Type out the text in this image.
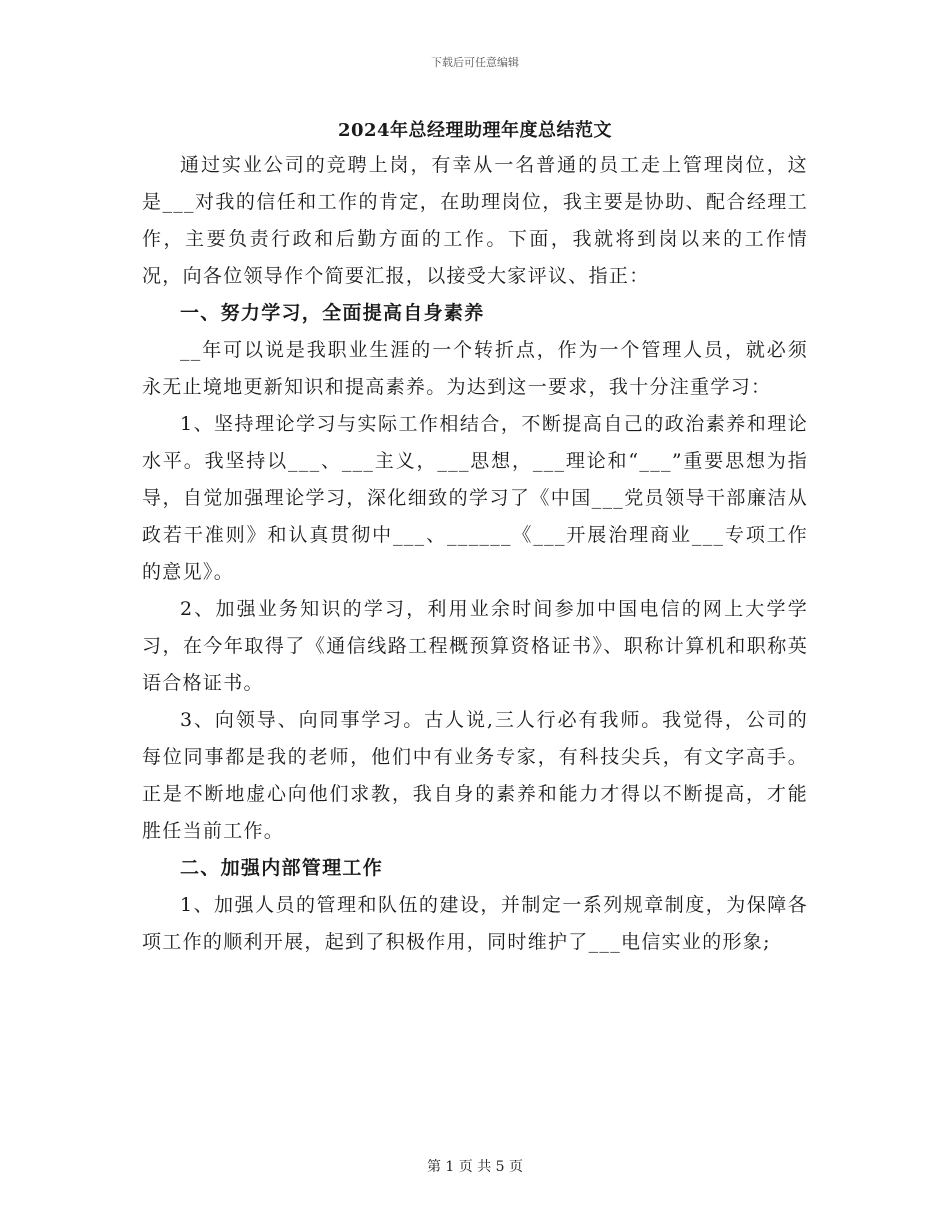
下载后可任意编辑
2024年总经理助理年度总结范文

通过实业公司的竞聘上岗，有幸从一名普通的员工走上管理岗位，这是___对我的信任和工作的肯定，在助理岗位，我主要是协助、配合经理工作，主要负责行政和后勤方面的工作。下面，我就将到岗以来的工作情况，向各位领导作个简要汇报，以接受大家评议、指正：

一、努力学习，全面提高自身素养

__年可以说是我职业生涯的一个转折点，作为一个管理人员，就必须永无止境地更新知识和提高素养。为达到这一要求，我十分注重学习：

1、坚持理论学习与实际工作相结合，不断提高自己的政治素养和理论水平。我坚持以___、___主义，___思想，___理论和“___”重要思想为指导，自觉加强理论学习，深化细致的学习了《中国___党员领导干部廉洁从政若干准则》和认真贯彻中___、______《___开展治理商业___专项工作的意见》。

2、加强业务知识的学习，利用业余时间参加中国电信的网上大学学习，在今年取得了《通信线路工程概预算资格证书》、职称计算机和职称英语合格证书。

3、向领导、向同事学习。古人说,三人行必有我师。我觉得，公司的每位同事都是我的老师，他们中有业务专家，有科技尖兵，有文字高手。正是不断地虚心向他们求教，我自身的素养和能力才得以不断提高，才能胜任当前工作。

二、加强内部管理工作

1、加强人员的管理和队伍的建设，并制定一系列规章制度，为保障各项工作的顺利开展，起到了积极作用，同时维护了___电信实业的形象;

第 1 页 共 5 页
